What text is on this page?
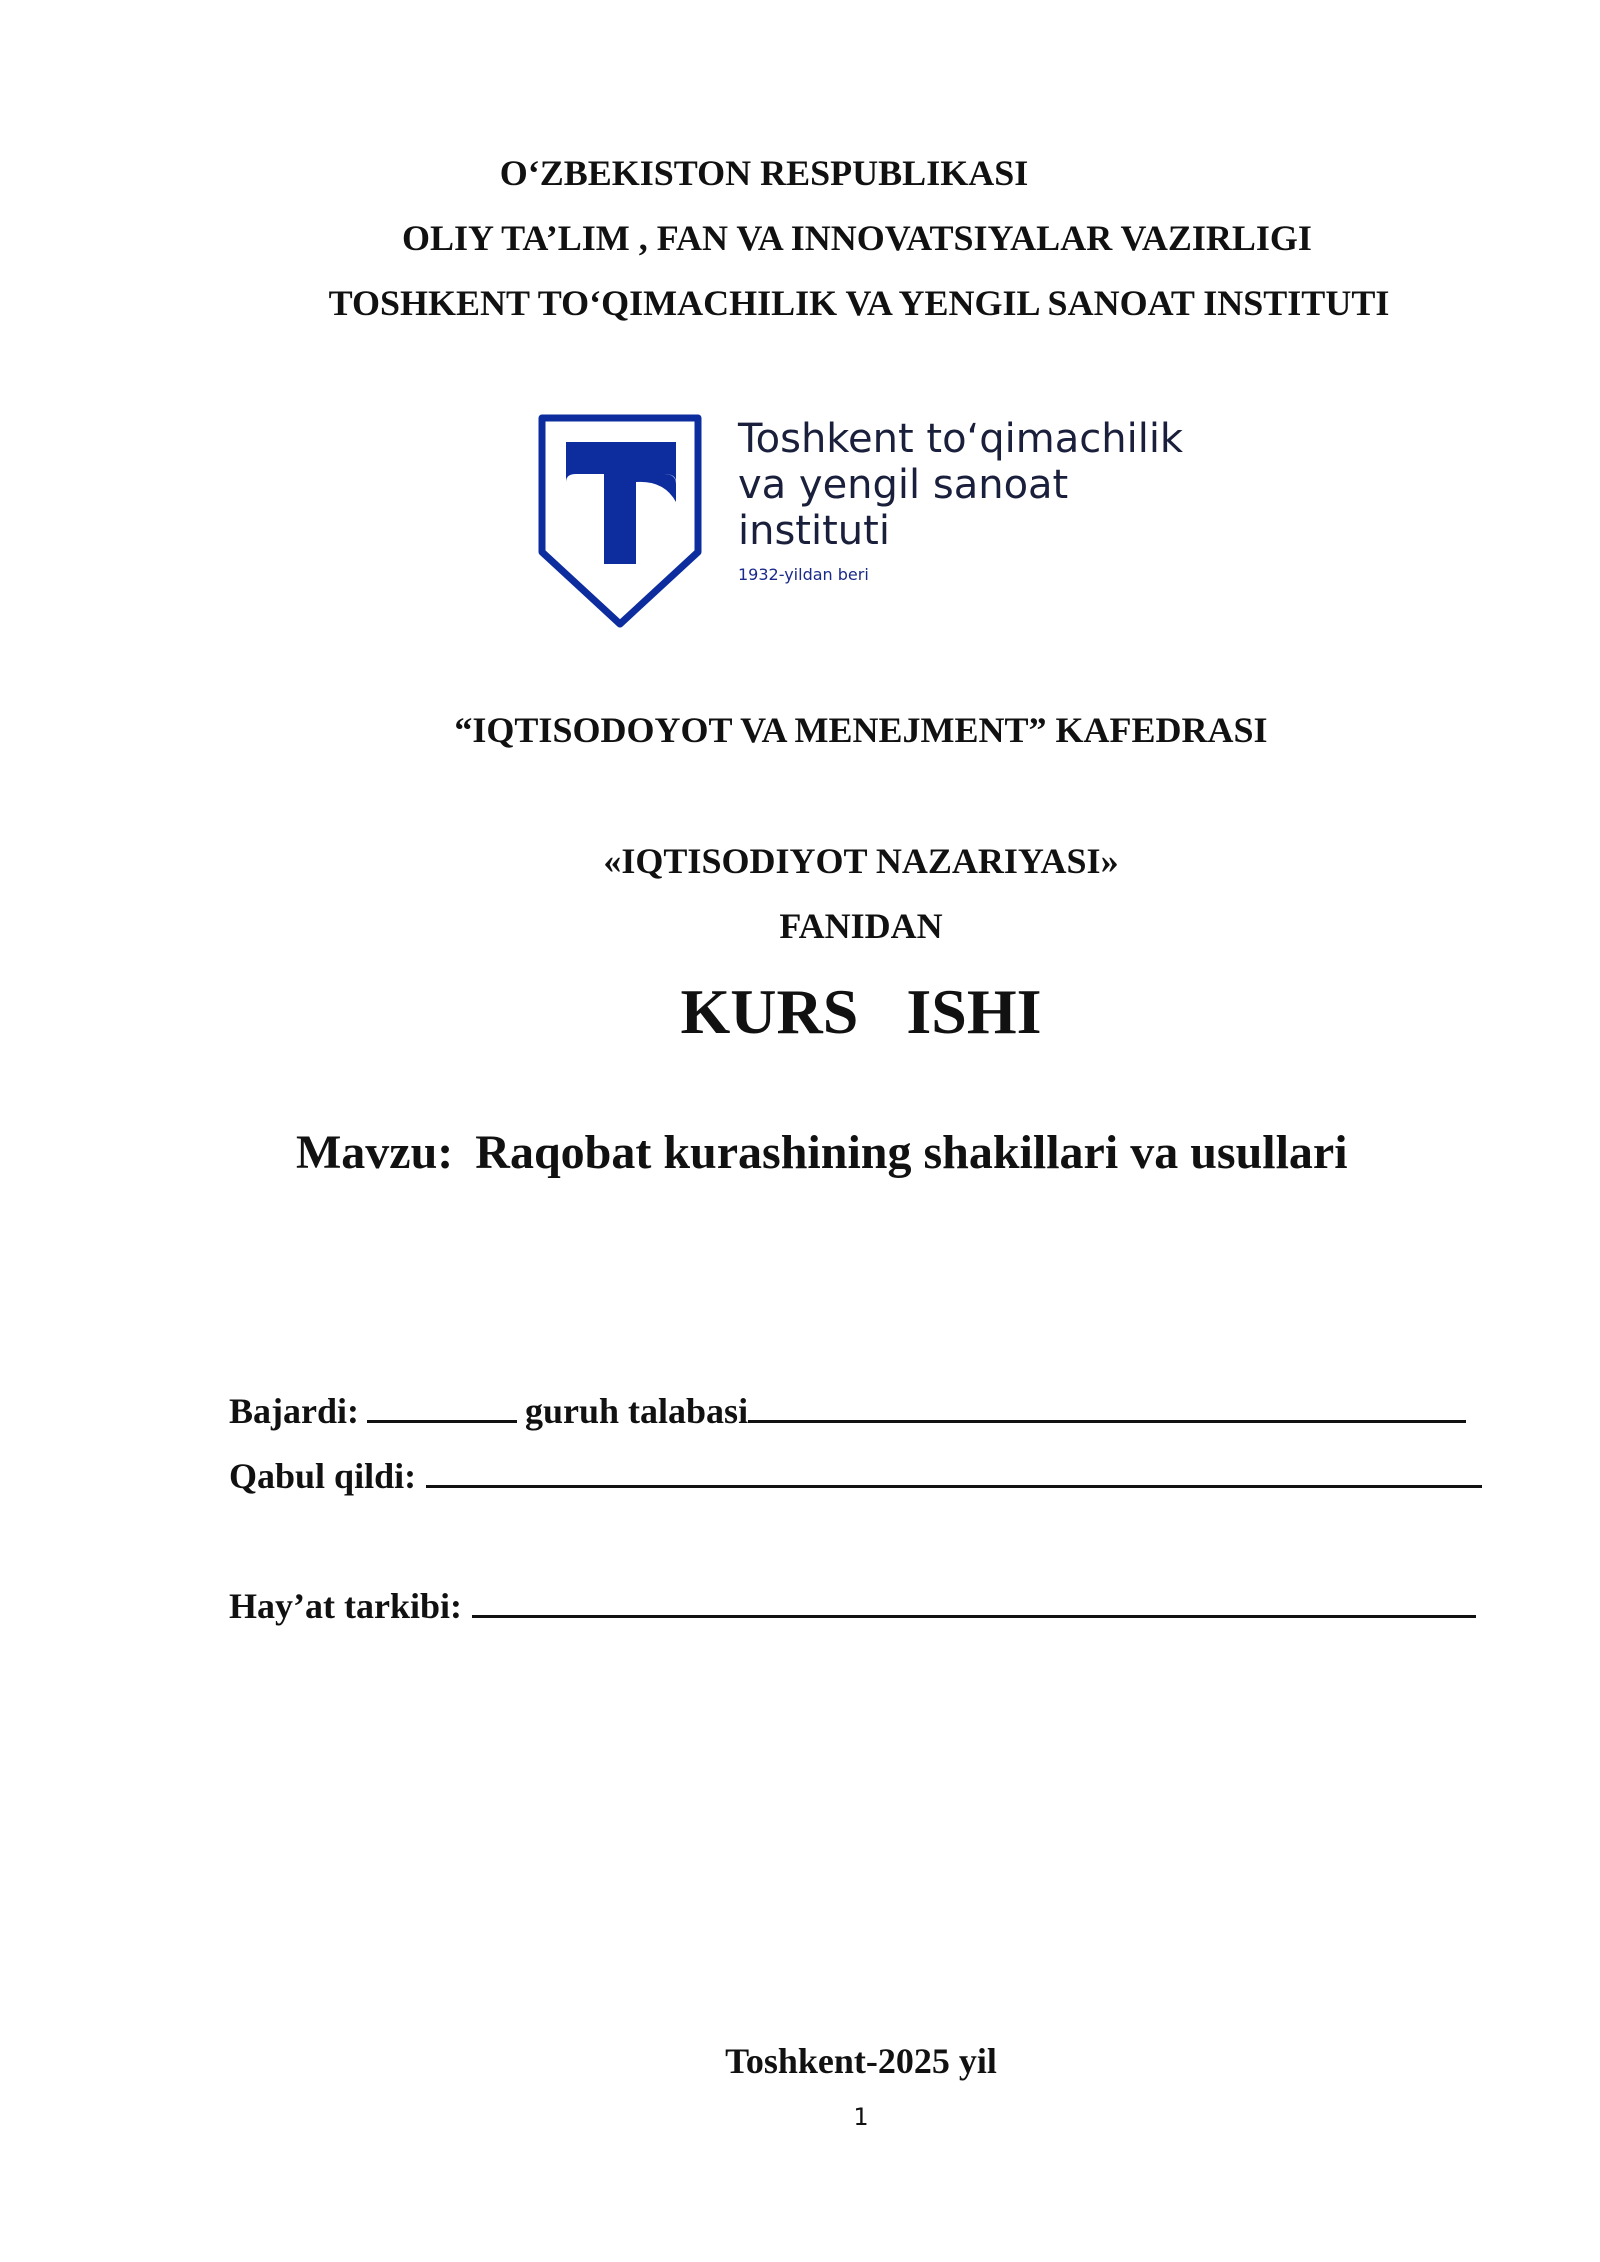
O‘ZBEKISTON RESPUBLIKASI
OLIY TA’LIM , FAN VA INNOVATSIYALAR VAZIRLIGI
TOSHKENT TO‘QIMACHILIK VA YENGIL SANOAT INSTITUTI
Toshkent to‘qimachilik
va yengil sanoat
instituti
1932-yildan beri
“IQTISODOYOT VA MENEJMENT” KAFEDRASI
«IQTISODIYOT NAZARIYASI»
FANIDAN
KURS  ISHI
Mavzu: Raqobat kurashining shakillari va usullari
Bajardi:	guruh talabasi
Qabul qildi:
Hay’at tarkibi:
Toshkent-2025 yil
1
